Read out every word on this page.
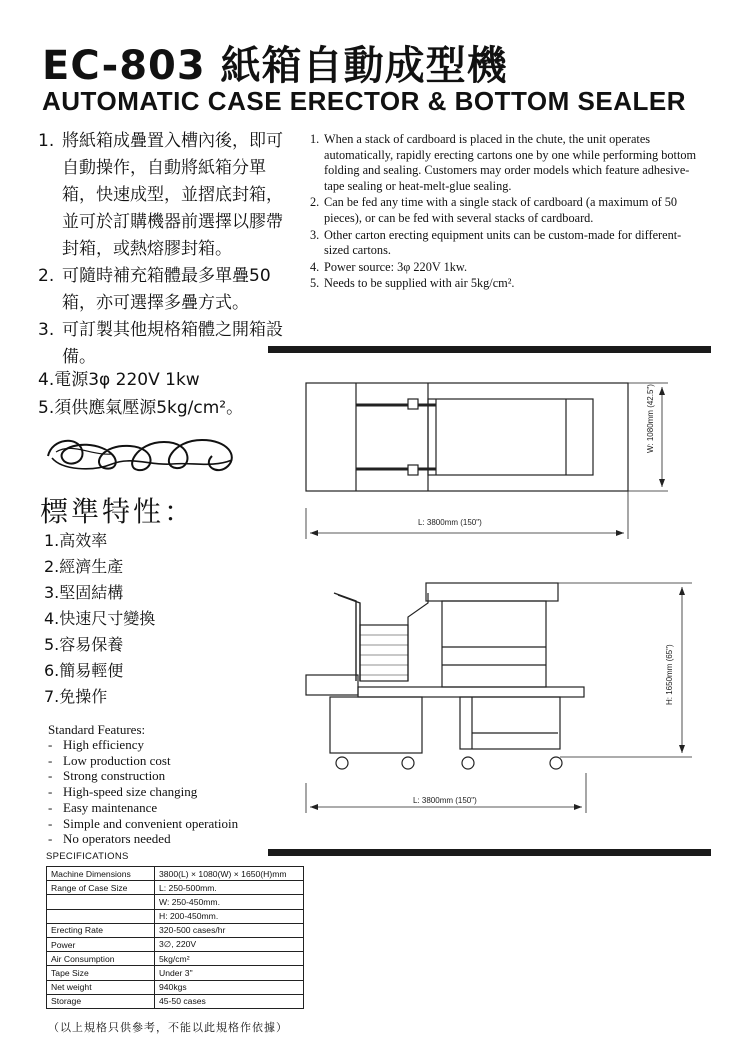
EC-803 紙箱自動成型機
AUTOMATIC CASE ERECTOR & BOTTOM SEALER
1. 將紙箱成疊置入槽內後，即可自動操作，自動將紙箱分單箱，快速成型，並摺底封箱，並可於訂購機器前選擇以膠帶封箱，或熱熔膠封箱。
2. 可隨時補充箱體最多單疊50箱，亦可選擇多疊方式。
3. 可訂製其他規格箱體之開箱設備。
4.電源3φ 220V 1kw
5.須供應氣壓源5kg/cm²。
1. When a stack of cardboard is placed in the chute, the unit operates automatically, rapidly erecting cartons one by one while performing bottom folding and sealing. Customers may order models which feature adhesive-tape sealing or heat-melt-glue sealing.
2. Can be fed any time with a single stack of cardboard (a maximum of 50 pieces), or can be fed with several stacks of cardboard.
3. Other carton erecting equipment units can be custom-made for different-sized cartons.
4. Power source: 3φ 220V 1kw.
5. Needs to be supplied with air 5kg/cm².
標準特性：
1.高效率
2.經濟生產
3.堅固結構
4.快速尺寸變換
5.容易保養
6.簡易輕便
7.免操作
Standard Features:
- High efficiency
- Low production cost
- Strong construction
- High-speed size changing
- Easy maintenance
- Simple and convenient operatioin
- No operators needed
SPECIFICATIONS
Machine Dimensions	3800(L) × 1080(W) × 1650(H)mm
Range of Case Size	L: 250-500mm.
	W: 250-450mm.
	H: 200-450mm.
Erecting Rate	320-500 cases/hr
Power	3∅, 220V
Air Consumption	5kg/cm²
Tape Size	Under 3"
Net weight	940kgs
Storage	45-50 cases
（以上規格只供參考，不能以此規格作依據）
L: 3800mm (150")
W: 1080mm (42.5")
L: 3800mm (150")
H: 1650mm (65")
